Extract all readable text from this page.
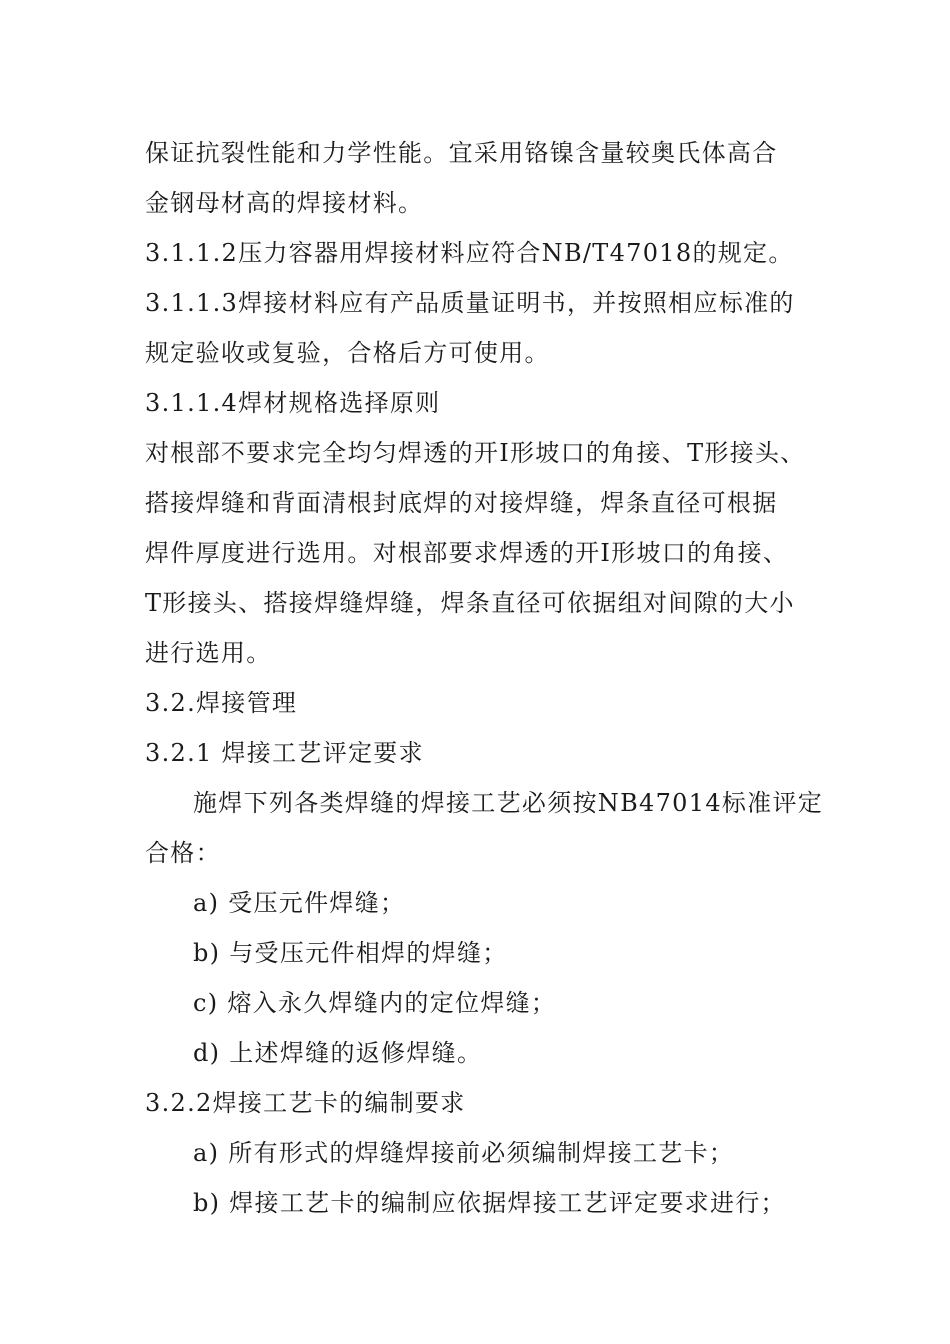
保证抗裂性能和力学性能。宜采用铬镍含量较奥氏体高合
金钢母材高的焊接材料。
3.1.1.2压力容器用焊接材料应符合NB/T47018的规定。
3.1.1.3焊接材料应有产品质量证明书，并按照相应标准的
规定验收或复验，合格后方可使用。
3.1.1.4焊材规格选择原则
对根部不要求完全均匀焊透的开I形坡口的角接、T形接头、
搭接焊缝和背面清根封底焊的对接焊缝，焊条直径可根据
焊件厚度进行选用。对根部要求焊透的开I形坡口的角接、
T形接头、搭接焊缝焊缝，焊条直径可依据组对间隙的大小
进行选用。
3.2.焊接管理
3.2.1 焊接工艺评定要求
施焊下列各类焊缝的焊接工艺必须按NB47014标准评定
合格：
a) 受压元件焊缝；
b) 与受压元件相焊的焊缝；
c) 熔入永久焊缝内的定位焊缝；
d) 上述焊缝的返修焊缝。
3.2.2焊接工艺卡的编制要求
a) 所有形式的焊缝焊接前必须编制焊接工艺卡；
b) 焊接工艺卡的编制应依据焊接工艺评定要求进行；
